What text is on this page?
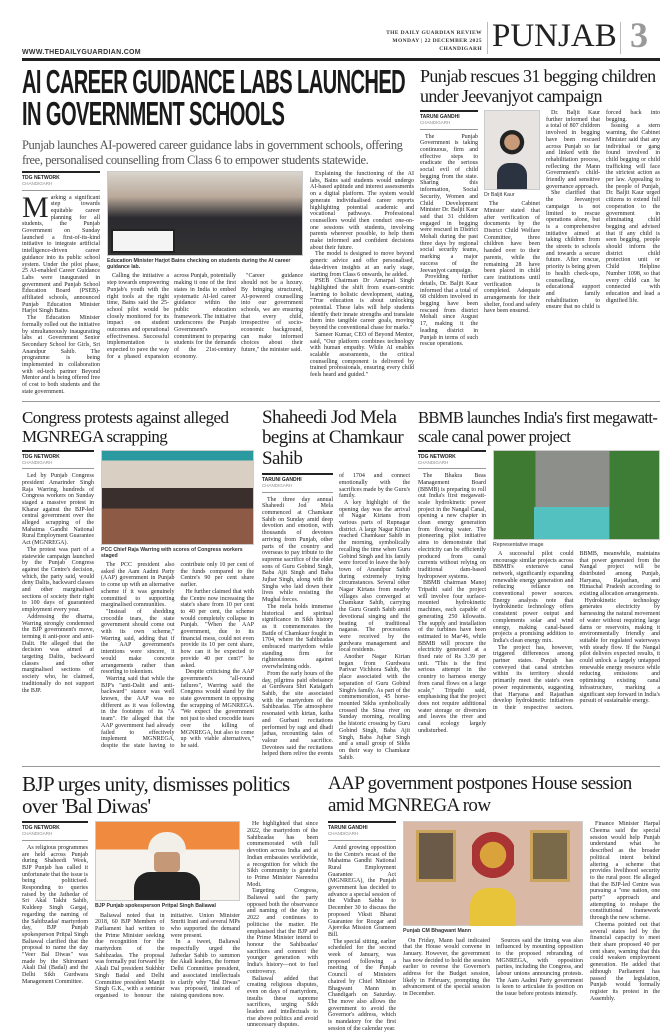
WWW.THEDAILYGUARDIAN.COM
THE DAILY GUARDIAN REVIEW
MONDAY | 22 DECEMBER 2025
CHANDIGARH PUNJAB 3
AI CAREER GUIDANCE LABS LAUNCHED IN GOVERNMENT SCHOOLS
Punjab launches AI-powered career guidance labs in government schools, offering free, personalised counselling from Class 6 to empower students statewide.
TDG NETWORK
CHANDIGARH

Marking a significant step towards equitable career planning for all students, the Punjab Government on Sunday launched a first-of-its-kind initiative to integrate artificial intelligence-driven career guidance into its public school system. Under the pilot phase, 25 AI-enabled Career Guidance Labs were inaugurated in government and Punjab School Education Board (PSEB)-affiliated schools, announced Punjab Education Minister Harjot Singh Bains.

The Education Minister formally rolled out the initiative by simultaneously inaugurating labs at Government Senior Secondary School for Girls, Sri Anandpur Sahib. The programme is being implemented in collaboration with ed-tech partner Beyond Mentor and is being offered free of cost to both students and the state government.

Education Minister Harjot Bains checking on students during the AI career guidance lab.

Calling the initiative a step towards empowering Punjab's youth with the right tools at the right time, Bains said the 25-school pilot would be closely monitored for its impact on student outcomes and operational effectiveness. Successful implementation is expected to pave the way for a phased expansion across Punjab, potentially making it one of the first states in India to embed systematic AI-led career guidance within the public education framework. The initiative underscores the Punjab Government's commitment to preparing students for the demands of the 21st-century economy.

"Career guidance should not be a luxury. By bringing structured, AI-powered counselling into our government schools, we are ensuring that every child, irrespective of socio-economic background, can make informed choices about their future," the minister said.

Explaining the functioning of the AI labs, Bains said students would undergo AI-based aptitude and interest assessments on a digital platform. The system would generate individualised career reports highlighting potential academic and vocational pathways. Professional counsellors would then conduct one-on-one sessions with students, involving parents wherever possible, to help them make informed and confident decisions about their future.

The model is designed to move beyond generic advice and offer personalised, data-driven insights at an early stage, starting from Class 6 onwards, he added.

PSEB Chairman Dr Amarpal Singh highlighted the shift from exam-centric learning to holistic development, stating, "True education is about unlocking potential. These labs will help students identify their innate strengths and translate them into tangible career goals, moving beyond the conventional chase for marks."

Sameer Kumar, CEO of Beyond Mentor, said, "Our platform combines technology with human empathy. While AI enables scalable assessments, the critical counselling component is delivered by trained professionals, ensuring every child feels heard and guided."

Punjab rescues 31 begging children under Jeevanjyot campaign
TARUNI GANDHI
CHANDIGARH

The Punjab Government is taking continuous, firm and effective steps to eradicate the serious social evil of child begging from the state. Sharing this information, Social Security, Women and Child Development Minister Dr. Baljit Kaur said that 31 children engaged in begging were rescued in District Mohali during the past three days by regional social security teams, marking a major success of the Jeevanjyot campaign.

Providing further details, Dr. Baljit Kaur informed that a total of 68 children involved in begging have been rescued from district Mohali since August 17, making it the leading district in Punjab in terms of such rescue operations.

Dr Baljit Kaur

The Cabinet Minister stated that after verification of documents by the District Child Welfare Committee, three children have been handed over to their parents, while the remaining 28 have been placed in child care institutions until verification is completed. Adequate arrangements for their shelter, food and safety have been ensured.

Dr. Baljit Kaur further informed that a total of 807 children involved in begging have been rescued across Punjab so far and linked with the rehabilitation process, reflecting the Mann Government's child-friendly and sensitive governance approach.

She clarified that the Jeevanjyot campaign is not limited to rescue operations alone, but is a comprehensive initiative aimed at taking children from the streets to schools and towards a secure future. After rescue, priority is being given to health check-ups, counselling, educational support and family rehabilitation to ensure that no child is forced back into begging.

Issuing a stern warning, the Cabinet Minister said that any individual or gang found involved in child begging or child trafficking will face the strictest action as per law. Appealing to the people of Punjab, Dr. Baljit Kaur urged citizens to extend full cooperation to the government in eliminating child begging and advised that if any child is seen begging, people should inform the district child protection unit or Child Helpline Number 1098, so that every child can be connected with education and lead a dignified life.

Congress protests against alleged MGNREGA scrapping
TDG NETWORK
CHANDIGARH

Led by Punjab Congress president Amarinder Singh Raja Warring, hundreds of Congress workers on Sunday staged a massive protest in Kharar against the BJP-led central government over the alleged scrapping of the Mahatma Gandhi National Rural Employment Guarantee Act (MGNREGA).

The protest was part of a statewide campaign launched by the Punjab Congress against the Centre's decision, which, the party said, would deny Dalits, backward classes and other marginalised sections of society their right to 100 days of guaranteed employment every year.

Addressing the dharna, Warring strongly condemned the BJP government's move, terming it anti-poor and anti-Dalit. He alleged that the decision was aimed at targeting Dalits, backward classes and other marginalised sections of society who, he claimed, traditionally do not support the BJP.

PCC Chief Raja Warring with scores of Congress workers staged

The PCC president also asked the Aam Aadmi Party (AAP) government in Punjab to come up with an alternative scheme if it was genuinely committed to supporting marginalised communities.

"Instead of shedding crocodile tears, the state government should come out with its own scheme," Warring said, adding that if the AAP government's intentions were sincere, it would make concrete arrangements rather than resorting to tokenism.

Warring said that while the BJP's "anti-Dalit and anti-backward" stance was well known, the AAP was no different as it was following in the footsteps of its "A team". He alleged that the AAP government had already failed to effectively implement MGNREGA, despite the state having to contribute only 10 per cent of the funds compared to the Centre's 90 per cent share earlier.

He further claimed that with the Centre now increasing the state's share from 10 per cent to 40 per cent, the scheme would completely collapse in Punjab. "When the AAP government, due to its financial mess, could not even provide its 10 per cent share, how can it be expected to provide 40 per cent?" he asked.

Despite criticising the AAP government's "all-round failures", Warring said the Congress would stand by the state government in opposing the scrapping of MGNREGA. "We expect the government not just to shed crocodile tears over the killing of MGNREGA, but also to come up with viable alternatives," he said.

Shaheedi Jod Mela begins at Chamkaur Sahib
TARUNI GANDHI
CHANDIGARH

The three day annual Shaheedi Jod Mela commenced at Chamkaur Sahib on Sunday amid deep devotion and emotion, with thousands of devotees arriving from Punjab, other parts of the country and overseas to pay tribute to the supreme sacrifice of the elder sons of Guru Gobind Singh, Baba Ajit Singh and Baba Jujhar Singh, along with the Singhs who laid down their lives while resisting the Mughal forces.

The mela holds immense historical and spiritual significance in Sikh history as it commemorates the Battle of Chamkaur fought in 1704, where the Sahibzadas embraced martyrdom while standing firm for righteousness against overwhelming odds.

From the early hours of the day, pilgrims paid obeisance at Gurdwara Shri Katalgarh Sahib, the site associated with the martyrdom of the Sahibzadas. The atmosphere resonated with kirtan, katha and Gurbani recitations performed by ragi and dhadi jathas, recounting tales of valour and sacrifice. Devotees said the recitations helped them relive the events of 1704 and connect emotionally with the sacrifices made by the Guru's family.

A key highlight of the opening day was the arrival of Nagar Kirtans from various parts of Rupnagar district. A large Nagar Kirtan reached Chamkaur Sahib in the morning, symbolically recalling the time when Guru Gobind Singh and his family were forced to leave the holy town of Anandpur Sahib during extremely trying circumstances. Several other Nagar Kirtans from nearby villages also converged at Chamkaur Sahib, carrying the Guru Granth Sahib amid devotional singing and the beating of traditional nagaras. The processions were received by the gurdwara management and local residents.

Another Nagar Kirtan began from Gurdwara Parivar Vichhora Sahib, the place associated with the separation of Guru Gobind Singh's family. As part of the commemoration, 45 horse-mounted Sikhs symbolically crossed the Sirsa river on Sunday morning, recalling the historic crossing by Guru Gobind Singh, Baba Ajit Singh, Baba Jujhar Singh and a small group of Sikhs on their way to Chamkaur Sahib.

BBMB launches India's first megawatt-scale canal power project
TDG NETWORK
CHANDIGARH

The Bhakra Beas Management Board (BBMB) is preparing to roll out India's first megawatt-scale hydrokinetic power project in the Nangal Canal, opening a new chapter in clean energy generation from flowing water. The pioneering pilot initiative aims to demonstrate that electricity can be efficiently produced from canal currents without relying on traditional dam-based hydropower systems.

BBMB chairman Manoj Tripathi said the project will involve four surface-mounted hydrokinetic machines, each capable of generating 250 kilowatts. The supply and installation of the turbines have been estimated to Mar'46, while BBMB will procure the electricity generated at a fixed rate of Rs 3.39 per unit. "This is the first serious attempt in the country to harness energy from canal flows on a large scale," Tripathi said, emphasising that the project does not require additional water storage or diversion and leaves the river and canal ecology largely undisturbed.

Representative image

A successful pilot could encourage similar projects across BBMB's extensive canal network, significantly expanding renewable energy generation and reducing reliance on conventional power sources. Energy analysts note that hydrokinetic technology offers consistent power output and complements solar and wind energy, making canal-based projects a promising addition to India's clean energy mix.

The project has, however, triggered differences among partner states. Punjab has conveyed that canal stretches within its territory should primarily meet the state's own power requirements, suggesting that Haryana and Rajasthan develop hydrokinetic initiatives in their respective sectors. BBMB, meanwhile, maintains that power generated from the Nangal project will be distributed among Punjab, Haryana, Rajasthan, and Himachal Pradesh according to existing allocation arrangements.

Hydrokinetic technology generates electricity by harnessing the natural movement of water without requiring large dams or reservoirs, making it environmentally friendly and suitable for regulated waterways with steady flow. If the Nangal pilot delivers expected results, it could unlock a largely untapped renewable energy resource while reducing emissions and optimising existing canal infrastructure, marking a significant step forward in India's pursuit of sustainable energy.

BJP urges unity, dismisses politics over 'Bal Diwas'
TDG NETWORK
CHANDIGARH

As religious programmes are held across Punjab during Shaheedi Week, BJP Punjab has called it unfortunate that the issue is being politicised. Responding to queries raised by the Jathedar of Sri Akal Takht Sahib, Kuldeep Singh Gargaj, regarding the naming of the Sahibzadas' martyrdom day, BJP Punjab spokesperson Pritpal Singh Baliawal clarified that the proposal to name the day "Veer Bal Diwas" was made by the Shiromani Akali Dal (Badal) and the Delhi Sikh Gurdwara Management Committee.

BJP Punjab spokesperson Pritpal Singh Baliawal

Baliawal noted that in 2018, 60 BJP Members of Parliament had written to the Prime Minister seeking due recognition for the martyrdom of the Sahibzadas. The proposal was formally put forward by Akali Dal president Sukhbir Singh Badal and Delhi Committee president Manjit Singh G.K., with a seminar organised to honour the initiative. Union Minister Smriti Irani and several MPs who supported the demand were present.

In a tweet, Baliawal respectfully urged the Jathedar Sahib to summon the Akali leaders, the former Delhi Committee president, and associated intellectuals to clarify why "Bal Diwas" was proposed, instead of raising questions now.

He highlighted that since 2022, the martyrdom of the Sahibzadas has been commemorated with full devotion across India and at Indian embassies worldwide, a recognition for which the Sikh community is grateful to Prime Minister Narendra Modi.

Targeting Congress, Baliawal said the party opposed both the observance and naming of the day in 2022 and continues to politicise the matter. He emphasised that the BJP and the Prime Minister intend to honour the Sahibzadas' sacrifices and connect the younger generation with India's history—not to fuel controversy.

Baliawal added that creating religious disputes, even on days of martyrdom, insults these supreme sacrifices, urging Sikh leaders and intellectuals to rise above politics and avoid unnecessary disputes.

AAP government postpones House session amid MGNREGA row
TARUNI GANDHI
CHANDIGARH

Amid growing opposition to the Centre's recast of the Mahatma Gandhi National Rural Employment Guarantee Act (MGNREGA), the Punjab government has decided to advance a special session of the Vidhan Sabha to December 30 to discuss the proposed Viksit Bharat Guarantee for Rozgar and Ajeevika Mission Grameen Bill.

The special sitting, earlier scheduled for the second week of January, was proposed following a meeting of the Punjab Council of Ministers chaired by Chief Minister Bhagwant Mann in Chandigarh on Saturday. The move also allows the government to avoid the Governor's address, which is mandatory for the first session of the calendar year.

Punjab CM Bhagwant Mann

On Friday, Mann had indicated that the House would convene in January. However, the government has now decided to hold the session earlier to reverse the Governor's address for the Budget session, likely in February, prompting the advancement of the special session in December.

Sources said the timing was also influenced by mounting opposition to the proposed rebranding of MGNREGA, with opposition parties, including the Congress, and labour unions announcing protests. The Aam Aadmi Party government is keen to articulate its position on the issue before protests intensify.

Finance Minister Harpal Cheema said the special session would help Punjab understand what he described as the broader political intent behind altering a scheme that provides livelihood security to the rural poor. He alleged that the BJP-led Centre was pursuing a "one nation, one party" approach and attempting to reshape the constitutional framework through the new scheme.

Cheema pointed out that several states led by the financial capacity to meet their share proposed 40 per cent share, warning that this could weaken employment generation. He added that although Parliament has passed the legislation, Punjab would formally register its protest in the Assembly.
